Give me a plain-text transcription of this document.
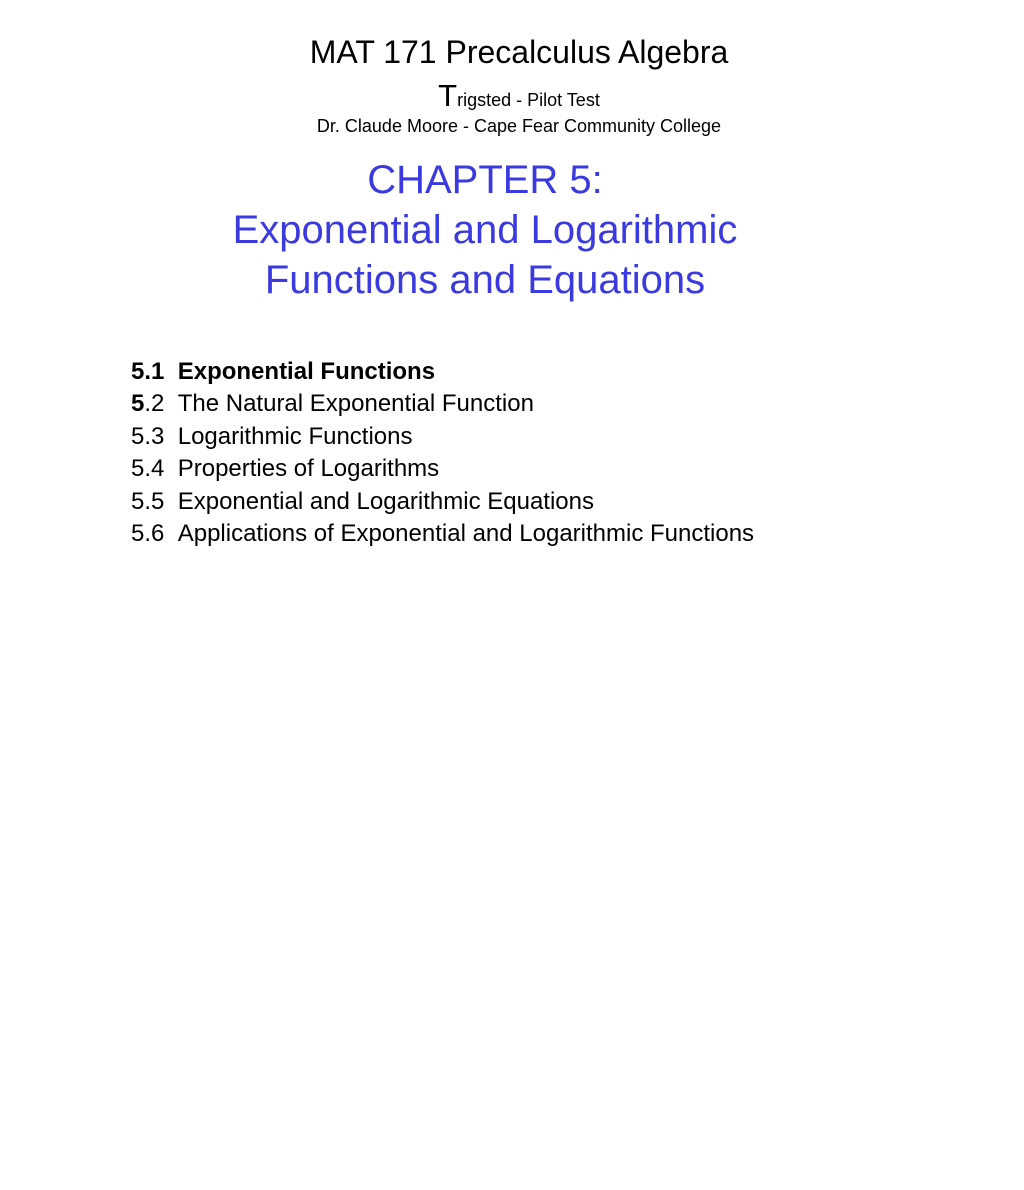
MAT 171 Precalculus Algebra

Trigsted - Pilot Test

Dr. Claude Moore - Cape Fear Community College

CHAPTER 5:
Exponential and Logarithmic
Functions and Equations
5.1 Exponential Functions
5.2 The Natural Exponential Function
5.3 Logarithmic Functions
5.4 Properties of Logarithms
5.5 Exponential and Logarithmic Equations
5.6 Applications of Exponential and Logarithmic Functions
